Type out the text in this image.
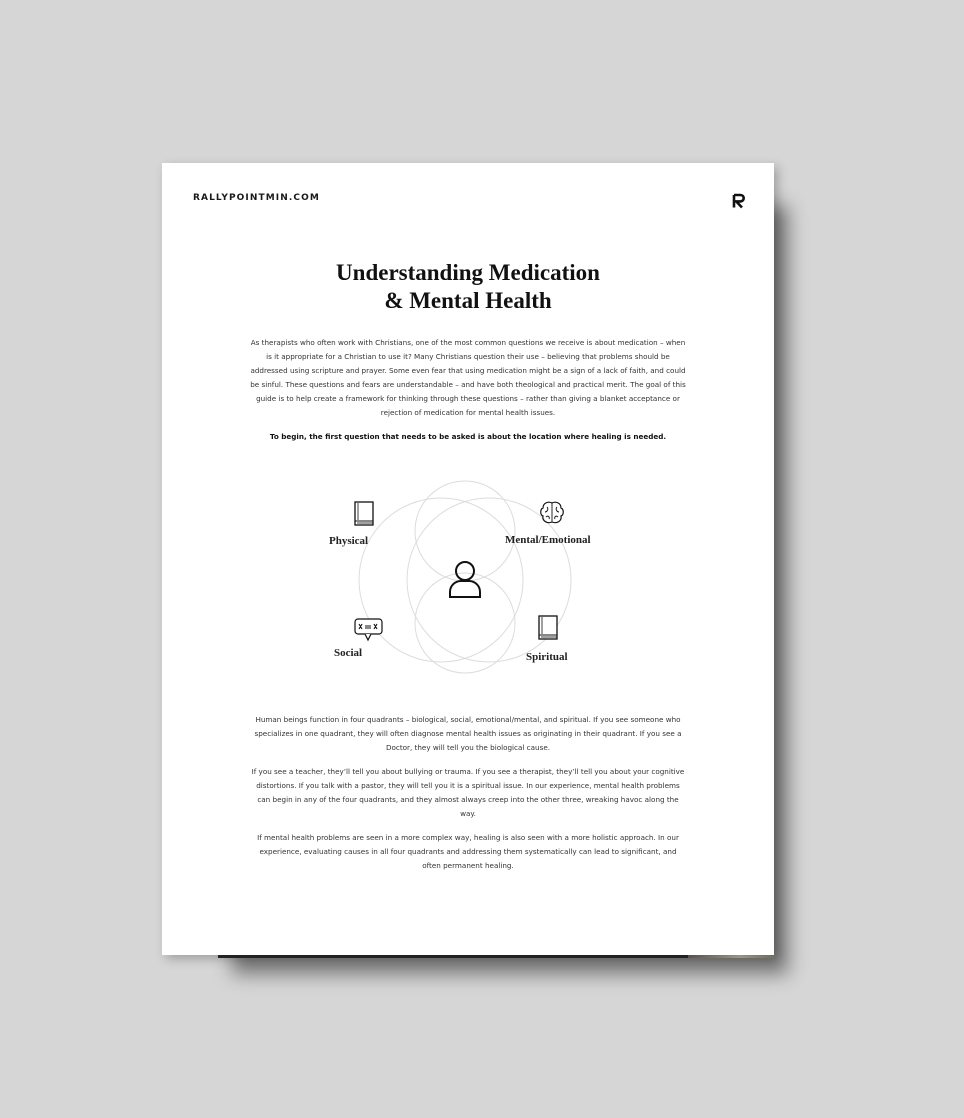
RALLYPOINTMIN.COM
Understanding Medication
& Mental Health

As therapists who often work with Christians, one of the most common questions we receive is about medication – when is it appropriate for a Christian to use it? Many Christians question their use – believing that problems should be addressed using scripture and prayer. Some even fear that using medication might be a sign of a lack of faith, and could be sinful. These questions and fears are understandable – and have both theological and practical merit. The goal of this guide is to help create a framework for thinking through these questions – rather than giving a blanket acceptance or rejection of medication for mental health issues.

To begin, the first question that needs to be asked is about the location where healing is needed.

Physical	Mental/Emotional
Social	Spiritual

Human beings function in four quadrants – biological, social, emotional/mental, and spiritual. If you see someone who specializes in one quadrant, they will often diagnose mental health issues as originating in their quadrant. If you see a Doctor, they will tell you the biological cause.

If you see a teacher, they’ll tell you about bullying or trauma. If you see a therapist, they’ll tell you about your cognitive distortions. If you talk with a pastor, they will tell you it is a spiritual issue. In our experience, mental health problems can begin in any of the four quadrants, and they almost always creep into the other three, wreaking havoc along the way.

If mental health problems are seen in a more complex way, healing is also seen with a more holistic approach. In our experience, evaluating causes in all four quadrants and addressing them systematically can lead to significant, and often permanent healing.
